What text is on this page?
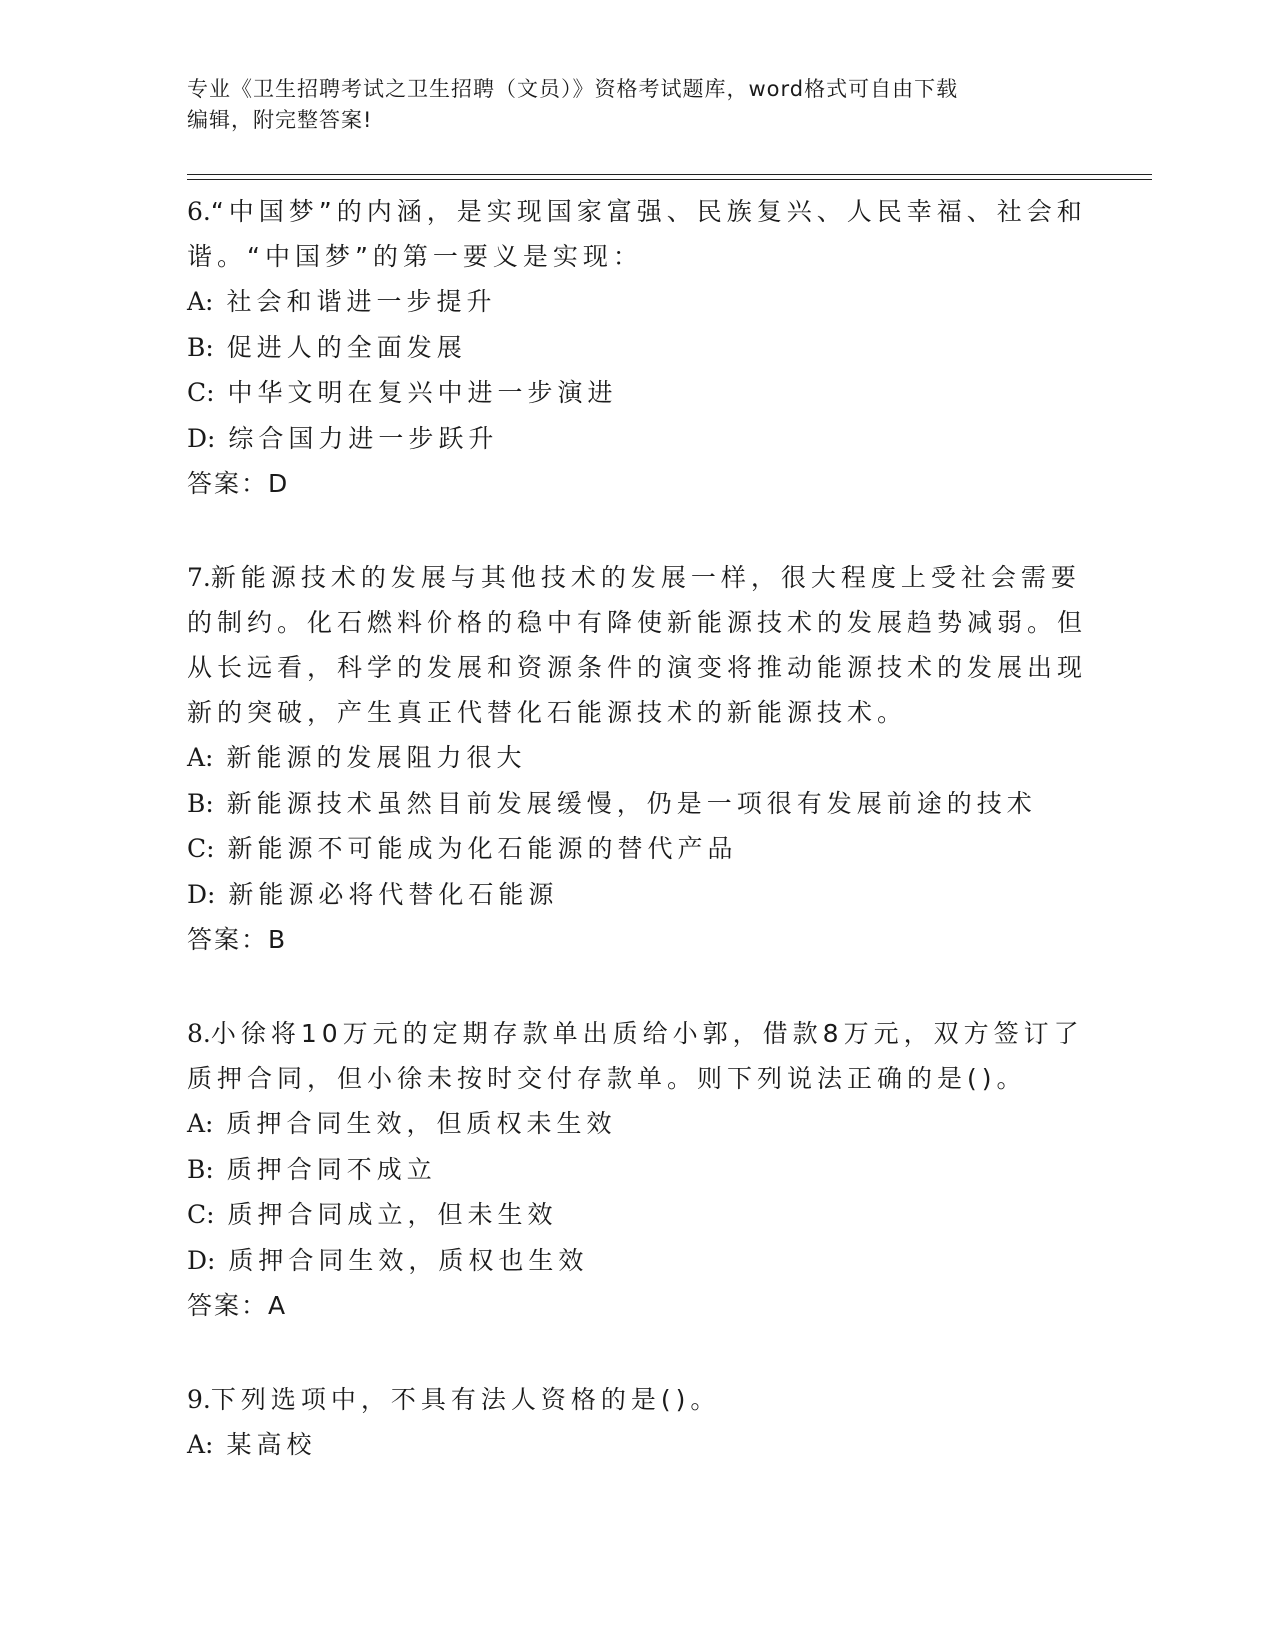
专业《卫生招聘考试之卫生招聘（文员）》资格考试题库，word格式可自由下载
编辑，附完整答案!

6.“中国梦”的内涵，是实现国家富强、民族复兴、人民幸福、社会和谐。“中国梦”的第一要义是实现：

A: 社会和谐进一步提升
B: 促进人的全面发展
C: 中华文明在复兴中进一步演进
D: 综合国力进一步跃升

答案：D

7.新能源技术的发展与其他技术的发展一样，很大程度上受社会需要的制约。化石燃料价格的稳中有降使新能源技术的发展趋势减弱。但从长远看，科学的发展和资源条件的演变将推动能源技术的发展出现新的突破，产生真正代替化石能源技术的新能源技术。

A: 新能源的发展阻力很大
B: 新能源技术虽然目前发展缓慢，仍是一项很有发展前途的技术
C: 新能源不可能成为化石能源的替代产品
D: 新能源必将代替化石能源

答案：B

8.小徐将10万元的定期存款单出质给小郭，借款8万元，双方签订了质押合同，但小徐未按时交付存款单。则下列说法正确的是()。

A: 质押合同生效，但质权未生效
B: 质押合同不成立
C: 质押合同成立，但未生效
D: 质押合同生效，质权也生效

答案：A

9.下列选项中，不具有法人资格的是()。

A: 某高校
